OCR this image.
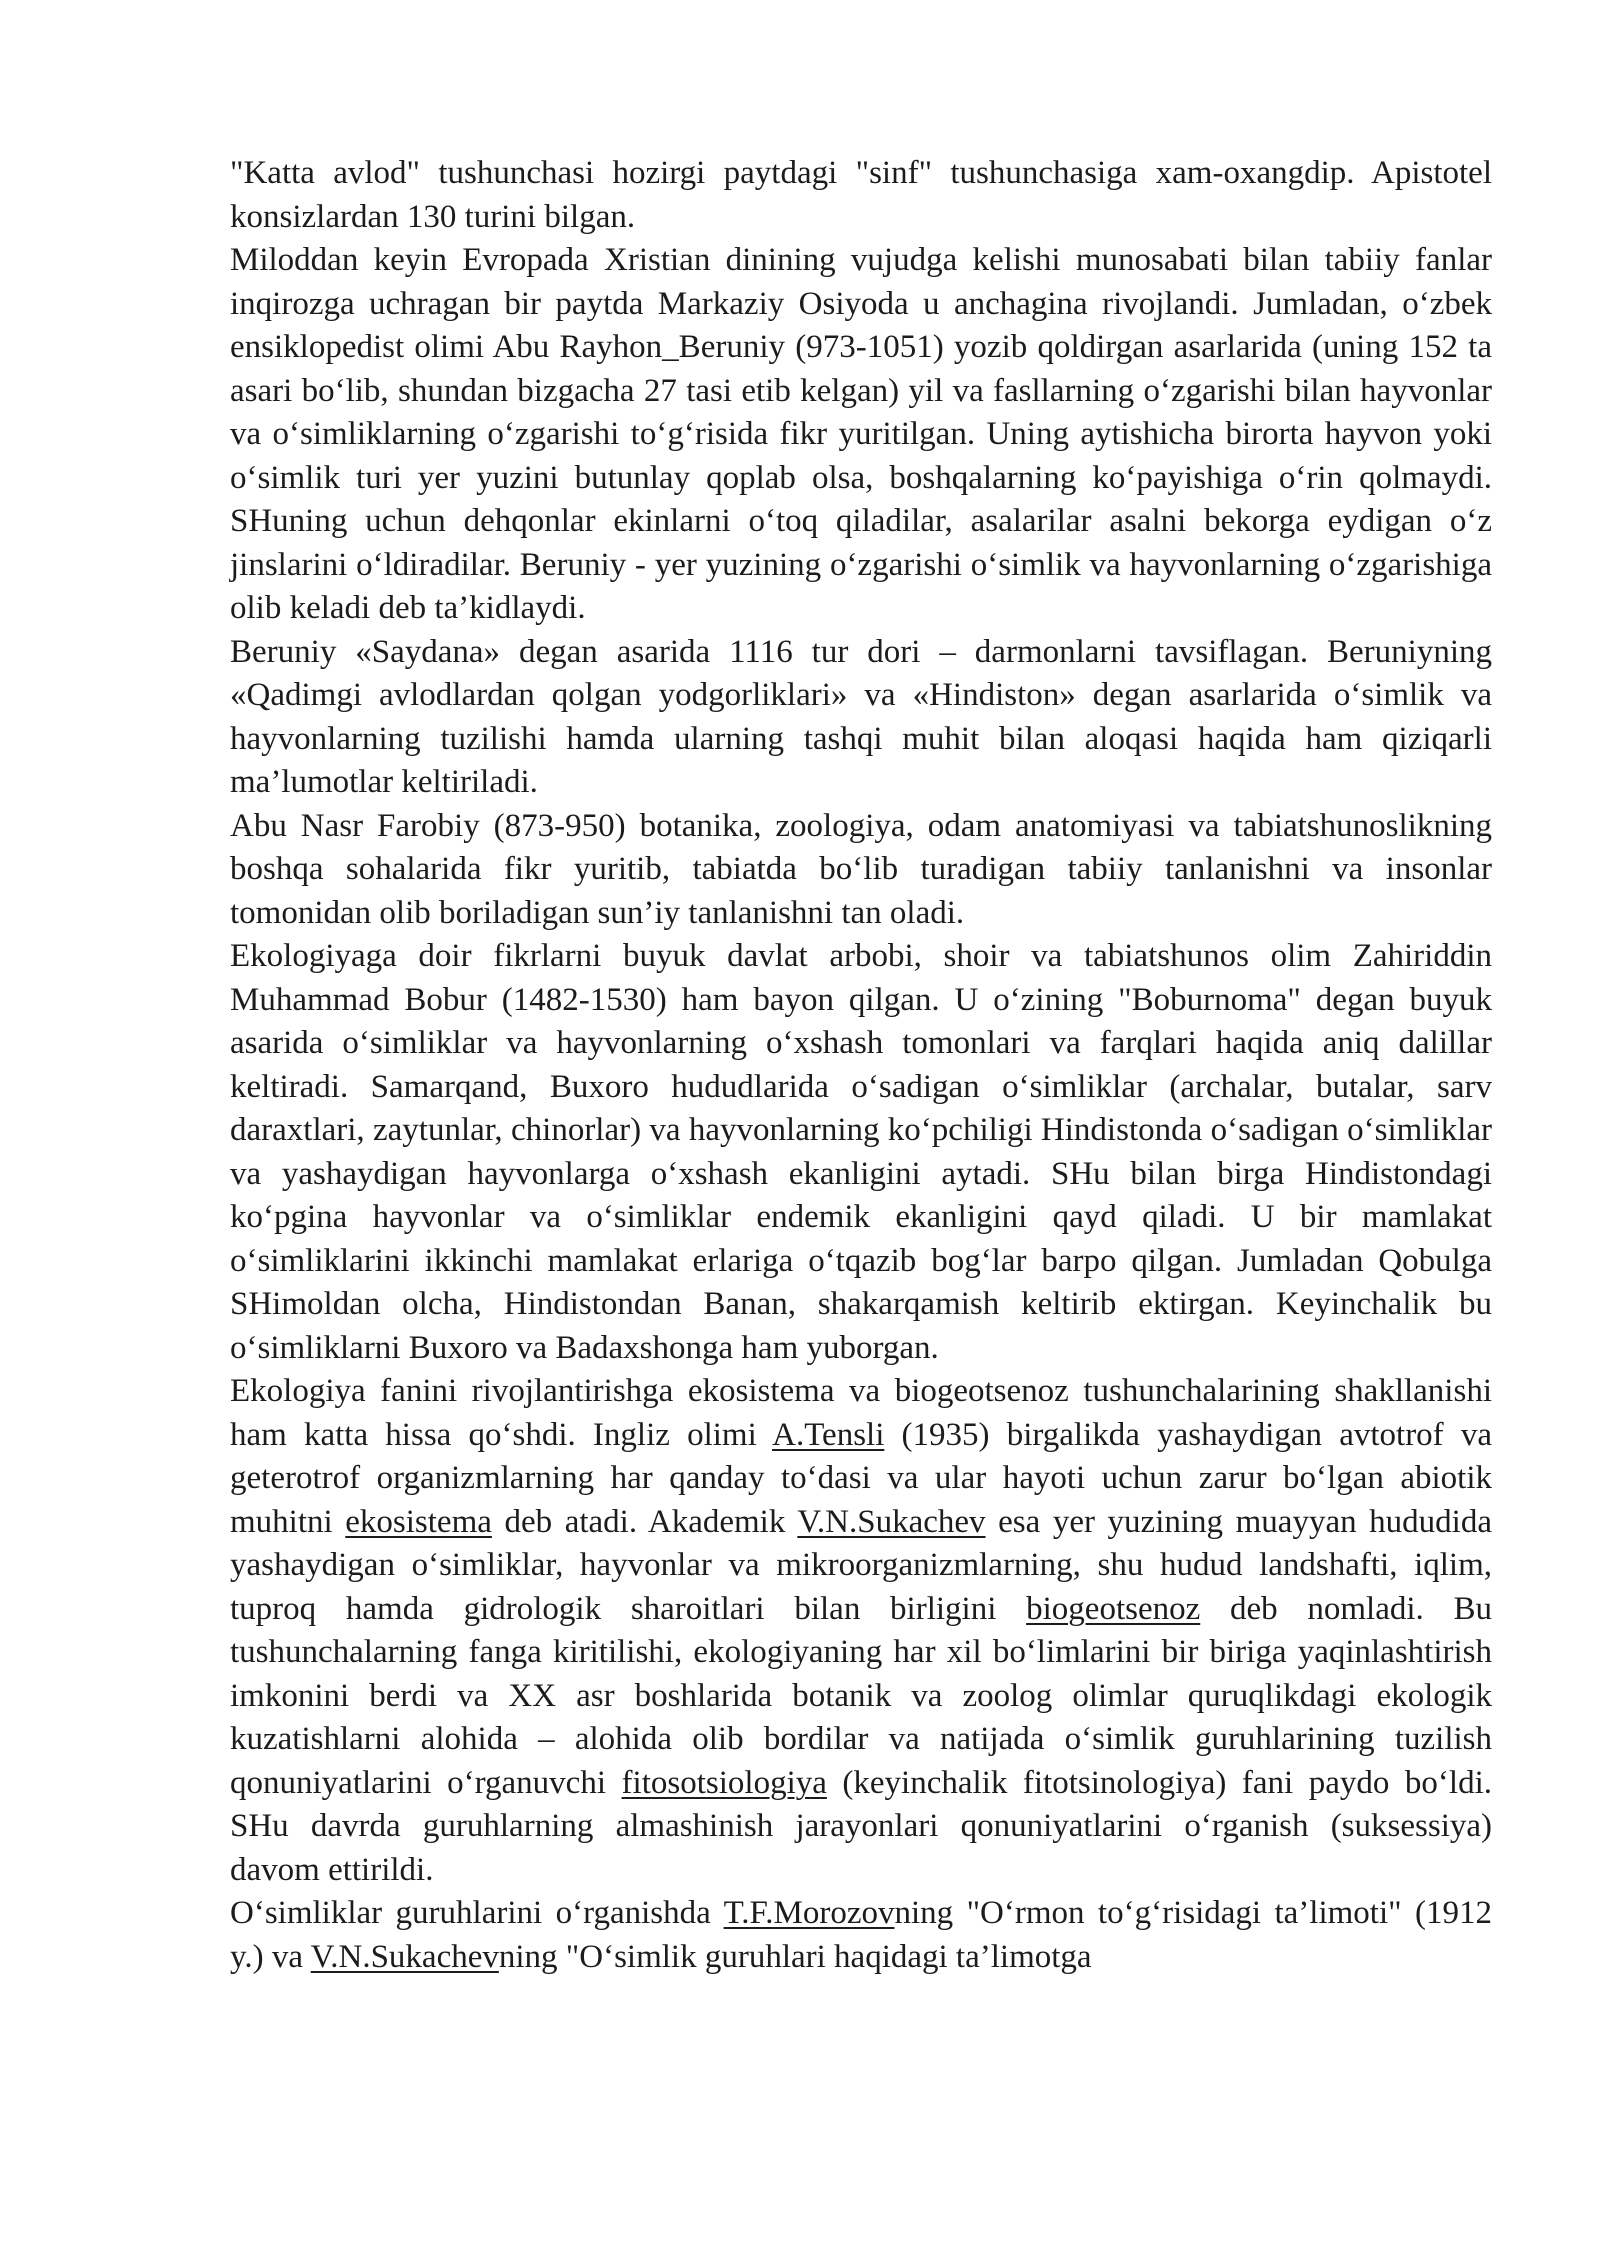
"Katta avlod" tushunchasi hozirgi paytdagi "sinf" tushunchasiga xam-oxangdip. Apistotel konsizlardan 130 turini bilgan.

Miloddan keyin Evropada Xristian dinining vujudga kelishi munosabati bilan tabiiy fanlar inqirozga uchragan bir paytda Markaziy Osiyoda u anchagina rivojlandi. Jumladan, o‘zbek ensiklopedist olimi Abu Rayhon_Beruniy (973-1051) yozib qoldirgan asarlarida (uning 152 ta asari bo‘lib, shundan bizgacha 27 tasi etib kelgan) yil va fasllarning o‘zgarishi bilan hayvonlar va o‘simliklarning o‘zgarishi to‘g‘risida fikr yuritilgan. Uning aytishicha birorta hayvon yoki o‘simlik turi yer yuzini butunlay qoplab olsa, boshqalarning ko‘payishiga o‘rin qolmaydi. SHuning uchun dehqonlar ekinlarni o‘toq qiladilar, asalarilar asalni bekorga eydigan o‘z jinslarini o‘ldiradilar. Beruniy - yer yuzining o‘zgarishi o‘simlik va hayvonlarning o‘zgarishiga olib keladi deb ta’kidlaydi.

Beruniy «Saydana» degan asarida 1116 tur dori – darmonlarni tavsiflagan. Beruniyning «Qadimgi avlodlardan qolgan yodgorliklari» va «Hindiston» degan asarlarida o‘simlik va hayvonlarning tuzilishi hamda ularning tashqi muhit bilan aloqasi haqida ham qiziqarli ma’lumotlar keltiriladi.

Abu Nasr Farobiy (873-950) botanika, zoologiya, odam anatomiyasi va tabiatshunoslikning boshqa sohalarida fikr yuritib, tabiatda bo‘lib turadigan tabiiy tanlanishni va insonlar tomonidan olib boriladigan sun’iy tanlanishni tan oladi.

Ekologiyaga doir fikrlarni buyuk davlat arbobi, shoir va tabiatshunos olim Zahiriddin Muhammad Bobur (1482-1530) ham bayon qilgan. U o‘zining "Boburnoma" degan buyuk asarida o‘simliklar va hayvonlarning o‘xshash tomonlari va farqlari haqida aniq dalillar keltiradi. Samarqand, Buxoro hududlarida o‘sadigan o‘simliklar (archalar, butalar, sarv daraxtlari, zaytunlar, chinorlar) va hayvonlarning ko‘pchiligi Hindistonda o‘sadigan o‘simliklar va yashaydigan hayvonlarga o‘xshash ekanligini aytadi. SHu bilan birga Hindistondagi ko‘pgina hayvonlar va o‘simliklar endemik ekanligini qayd qiladi. U bir mamlakat o‘simliklarini ikkinchi mamlakat erlariga o‘tqazib bog‘lar barpo qilgan. Jumladan Qobulga SHimoldan olcha, Hindistondan Banan, shakarqamish keltirib ektirgan. Keyinchalik bu o‘simliklarni Buxoro va Badaxshonga ham yuborgan.

Ekologiya fanini rivojlantirishga ekosistema va biogeotsenoz tushunchalarining shakllanishi ham katta hissa qo‘shdi. Ingliz olimi A.Tensli (1935) birgalikda yashaydigan avtotrof va geterotrof organizmlarning har qanday to‘dasi va ular hayoti uchun zarur bo‘lgan abiotik muhitni ekosistema deb atadi. Akademik V.N.Sukachev esa yer yuzining muayyan hududida yashaydigan o‘simliklar, hayvonlar va mikroorganizmlarning, shu hudud landshafti, iqlim, tuproq hamda gidrologik sharoitlari bilan birligini biogeotsenoz deb nomladi. Bu tushunchalarning fanga kiritilishi, ekologiyaning har xil bo‘limlarini bir biriga yaqinlashtirish imkonini berdi va XX asr boshlarida botanik va zoolog olimlar quruqlikdagi ekologik kuzatishlarni alohida – alohida olib bordilar va natijada o‘simlik guruhlarining tuzilish qonuniyatlarini o‘rganuvchi fitosotsiologiya (keyinchalik fitotsinologiya) fani paydo bo‘ldi. SHu davrda guruhlarning almashinish jarayonlari qonuniyatlarini o‘rganish (suksessiya) davom ettirildi.

O‘simliklar guruhlarini o‘rganishda T.F.Morozovning "O‘rmon to‘g‘risidagi ta’limoti" (1912 y.) va V.N.Sukachevning "O‘simlik guruhlari haqidagi ta’limotga
